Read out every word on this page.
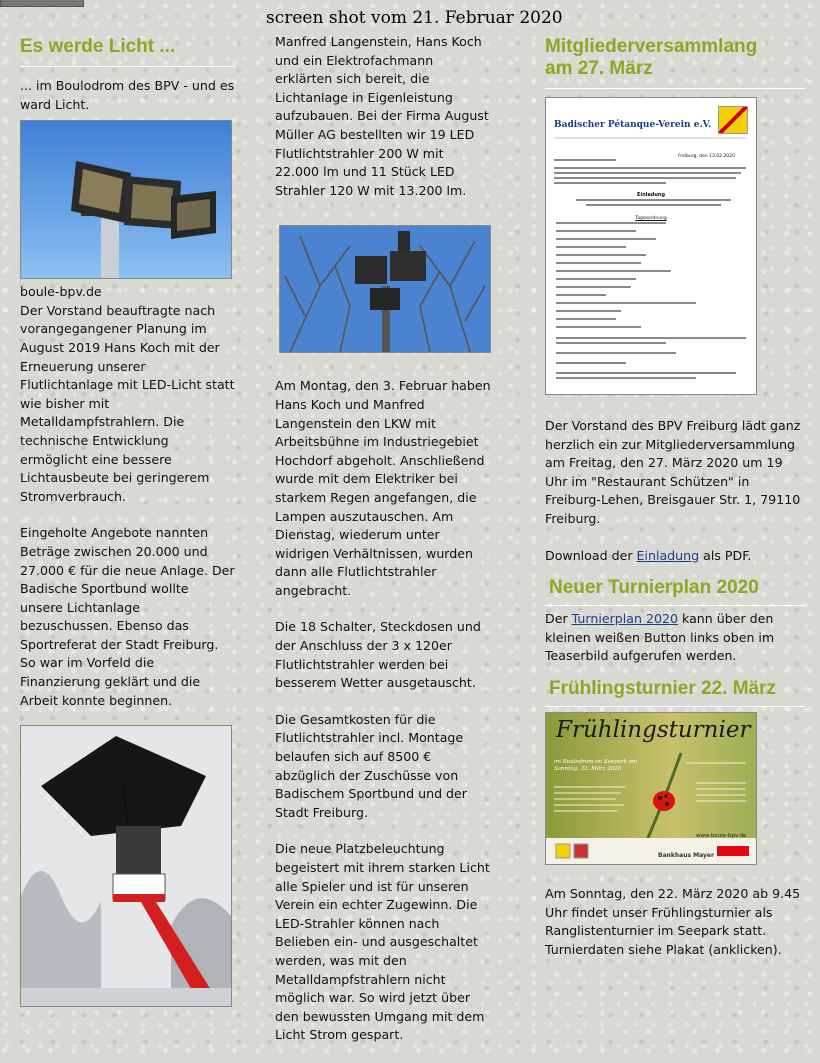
screen shot vom 21. Februar 2020
Es werde Licht ...

... im Boulodrom des BPV - und es ward Licht.

boule-bpv.de

Der Vorstand beauftragte nach vorangegangener Planung im August 2019 Hans Koch mit der Erneuerung unserer Flutlichtanlage mit LED-Licht statt wie bisher mit Metalldampfstrahlern. Die technische Entwicklung ermöglicht eine bessere Lichtausbeute bei geringerem Stromverbrauch.

Eingeholte Angebote nannten Beträge zwischen 20.000 und 27.000 € für die neue Anlage. Der Badische Sportbund wollte unsere Lichtanlage bezuschussen. Ebenso das Sportreferat der Stadt Freiburg. So war im Vorfeld die Finanzierung geklärt und die Arbeit konnte beginnen.

Manfred Langenstein, Hans Koch und ein Elektrofachmann erklärten sich bereit, die Lichtanlage in Eigenleistung aufzubauen. Bei der Firma August Müller AG bestellten wir 19 LED Flutlichtstrahler 200 W mit 22.000 lm und 11 Stück LED Strahler 120 W mit 13.200 lm.

Am Montag, den 3. Februar haben Hans Koch und Manfred Langenstein den LKW mit Arbeitsbühne im Industriegebiet Hochdorf abgeholt. Anschließend wurde mit dem Elektriker bei starkem Regen angefangen, die Lampen auszutauschen. Am Dienstag, wiederum unter widrigen Verhältnissen, wurden dann alle Flutlichtstrahler angebracht.

Die 18 Schalter, Steckdosen und der Anschluss der 3 x 120er Flutlichtstrahler werden bei besserem Wetter ausgetauscht.

Die Gesamtkosten für die Flutlichtstrahler incl. Montage belaufen sich auf 8500 € abzüglich der Zuschüsse von Badischem Sportbund und der Stadt Freiburg.

Die neue Platzbeleuchtung begeistert mit ihrem starken Licht alle Spieler und ist für unseren Verein ein echter Zugewinn. Die LED-Strahler können nach Belieben ein- und ausgeschaltet werden, was mit den Metalldampfstrahlern nicht möglich war. So wird jetzt über den bewussten Umgang mit dem Licht Strom gespart.

Mitgliederversammlang am 27. März
Badischer Pétanque-Verein e.V.
Freiburg, den 13.02.2020
Einladung
Tagesordnung

Der Vorstand des BPV Freiburg lädt ganz herzlich ein zur Mitgliederversammlung am Freitag, den 27. März 2020 um 19 Uhr im "Restaurant Schützen" in Freiburg-Lehen, Breisgauer Str. 1, 79110 Freiburg.

Download der Einladung als PDF.

Neuer Turnierplan 2020

Der Turnierplan 2020 kann über den kleinen weißen Button links oben im Teaserbild aufgerufen werden.

Frühlingsturnier 22. März
Frühlingsturnier
im Boulodrom im Seepark am Sonntag, 22. März 2020
www.boule-bpv.de
Bankhaus Mayer

Am Sonntag, den 22. März 2020 ab 9.45 Uhr findet unser Frühlingsturnier als Ranglistenturnier im Seepark statt. Turnierdaten siehe Plakat (anklicken).
